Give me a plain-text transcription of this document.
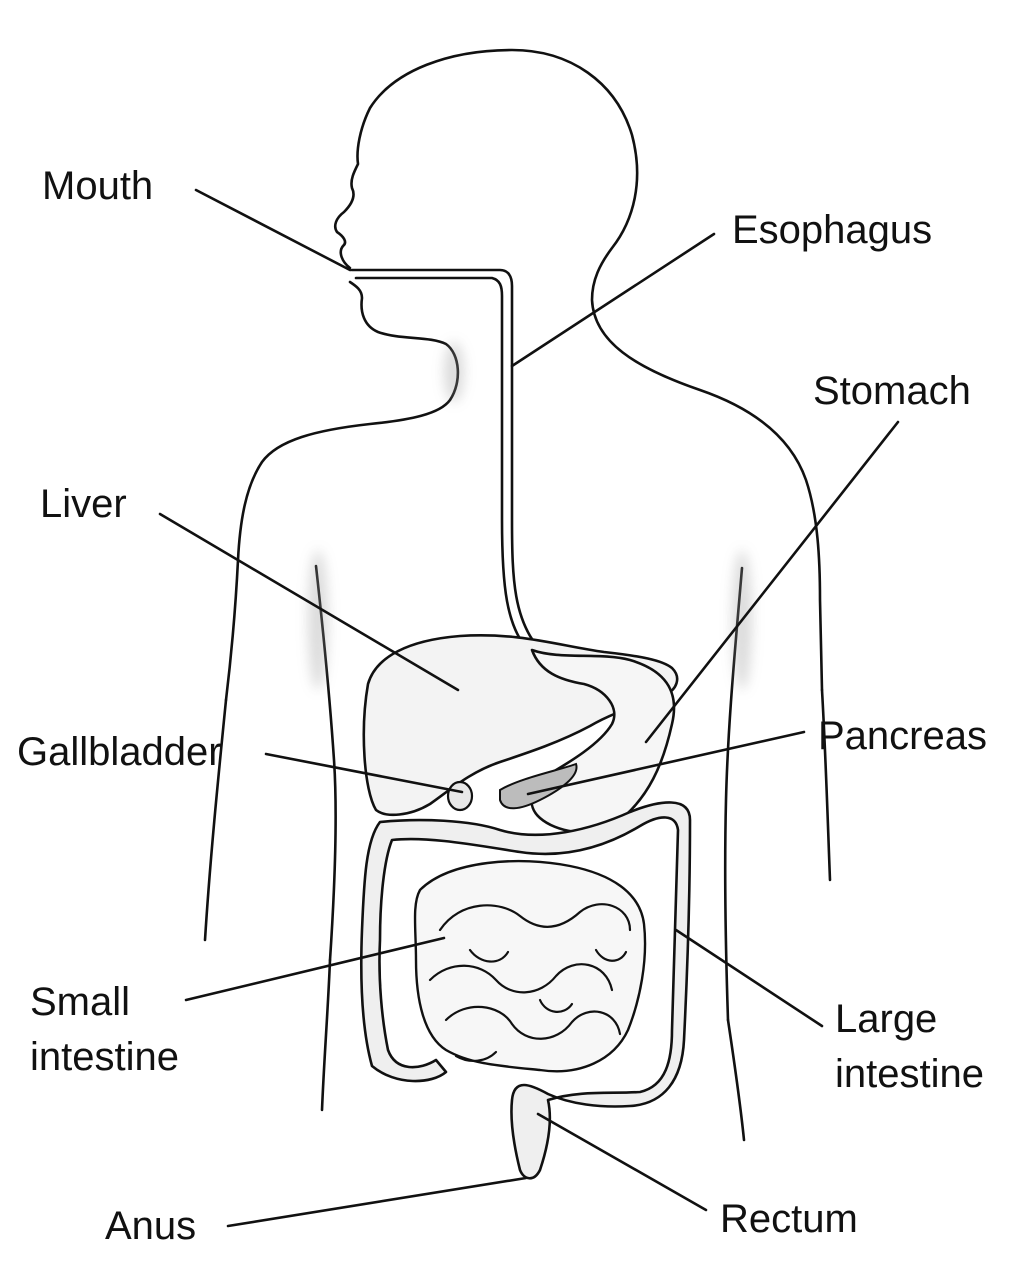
Mouth
Esophagus
Stomach
Liver
Gallbladder	Pancreas
Small
intestine
Large
intestine
Anus	Rectum
